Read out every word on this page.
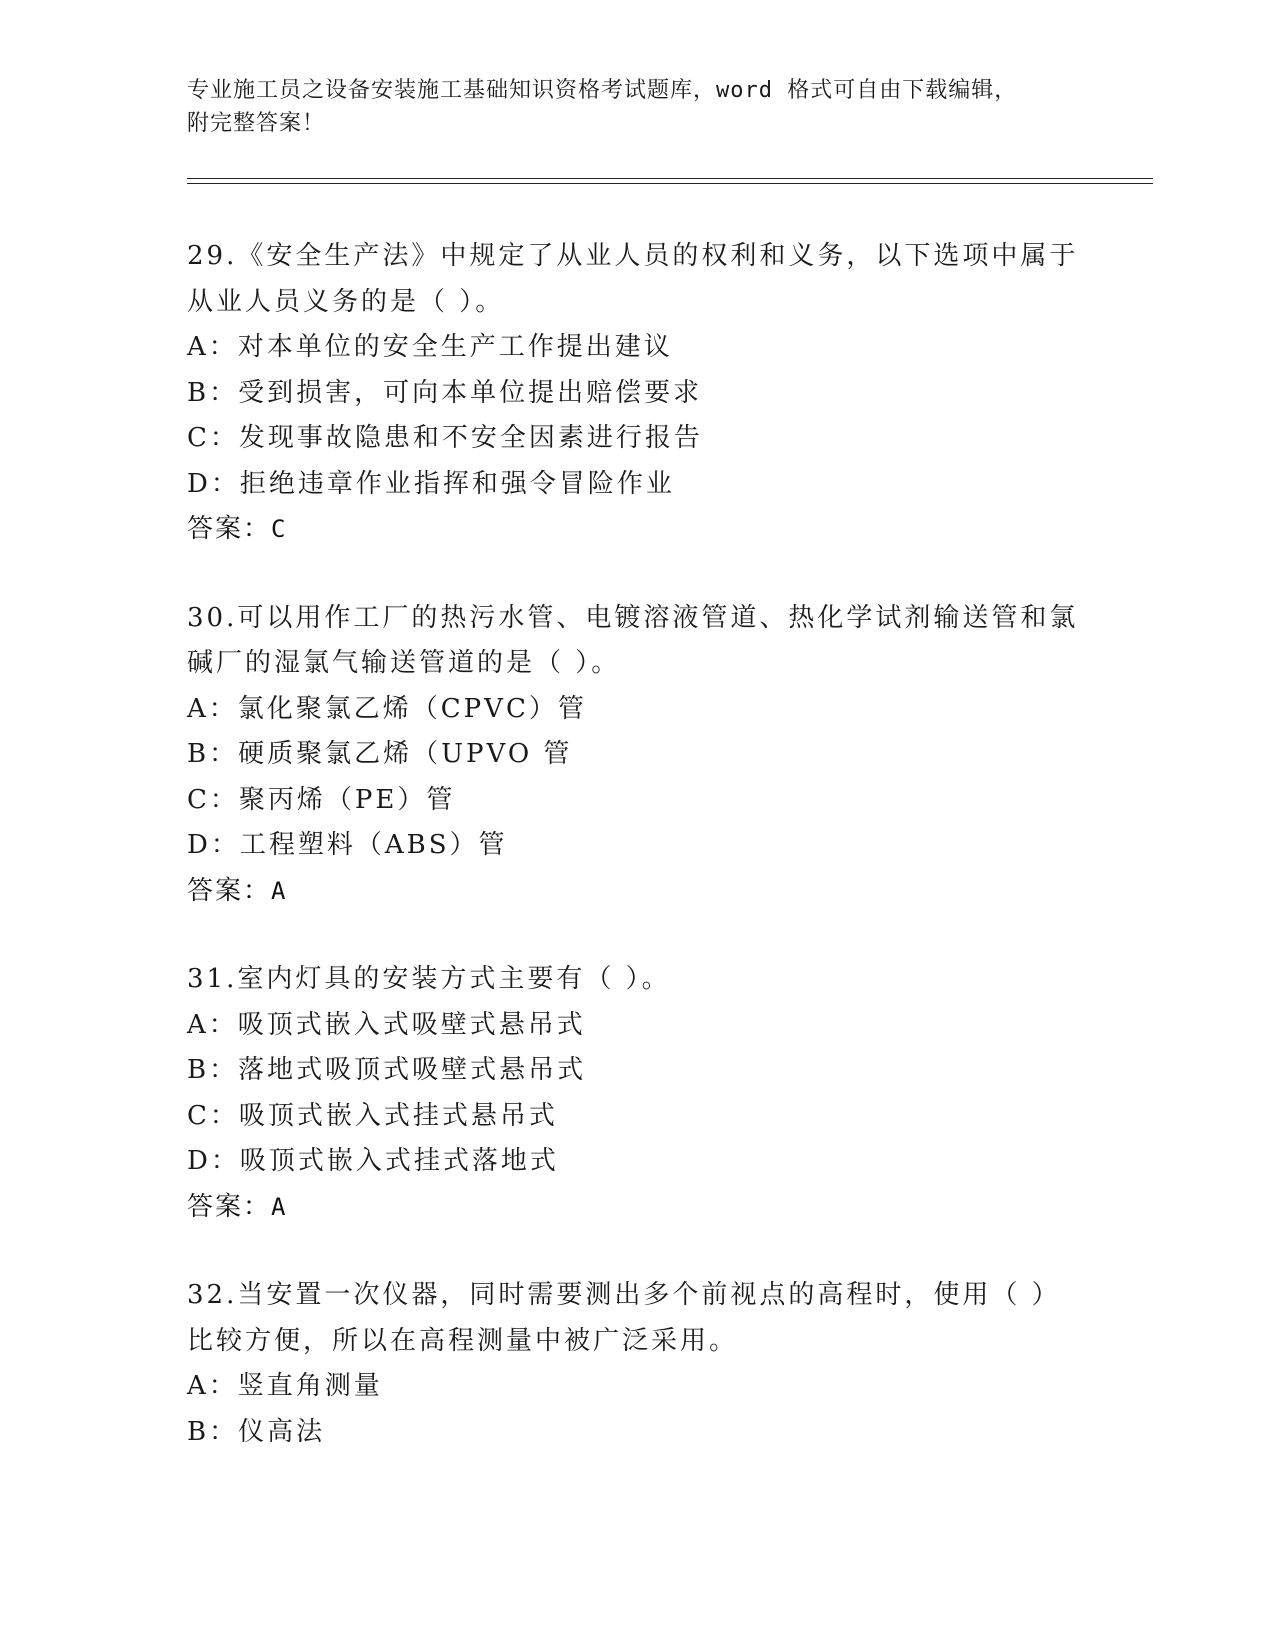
专业施工员之设备安装施工基础知识资格考试题库，word 格式可自由下载编辑，
附完整答案！
29.《安全生产法》中规定了从业人员的权利和义务，以下选项中属于
从业人员义务的是（ ）。
A：对本单位的安全生产工作提出建议
B：受到损害，可向本单位提出赔偿要求
C：发现事故隐患和不安全因素进行报告
D：拒绝违章作业指挥和强令冒险作业
答案：C
30.可以用作工厂的热污水管、电镀溶液管道、热化学试剂输送管和氯
碱厂的湿氯气输送管道的是（ ）。
A：氯化聚氯乙烯（CPVC）管
B：硬质聚氯乙烯（UPVO 管
C：聚丙烯（PE）管
D：工程塑料（ABS）管
答案：A
31.室内灯具的安装方式主要有（ ）。
A：吸顶式嵌入式吸壁式悬吊式
B：落地式吸顶式吸壁式悬吊式
C：吸顶式嵌入式挂式悬吊式
D：吸顶式嵌入式挂式落地式
答案：A
32.当安置一次仪器，同时需要测出多个前视点的高程时，使用（ ）
比较方便，所以在高程测量中被广泛采用。
A：竖直角测量
B：仪高法
